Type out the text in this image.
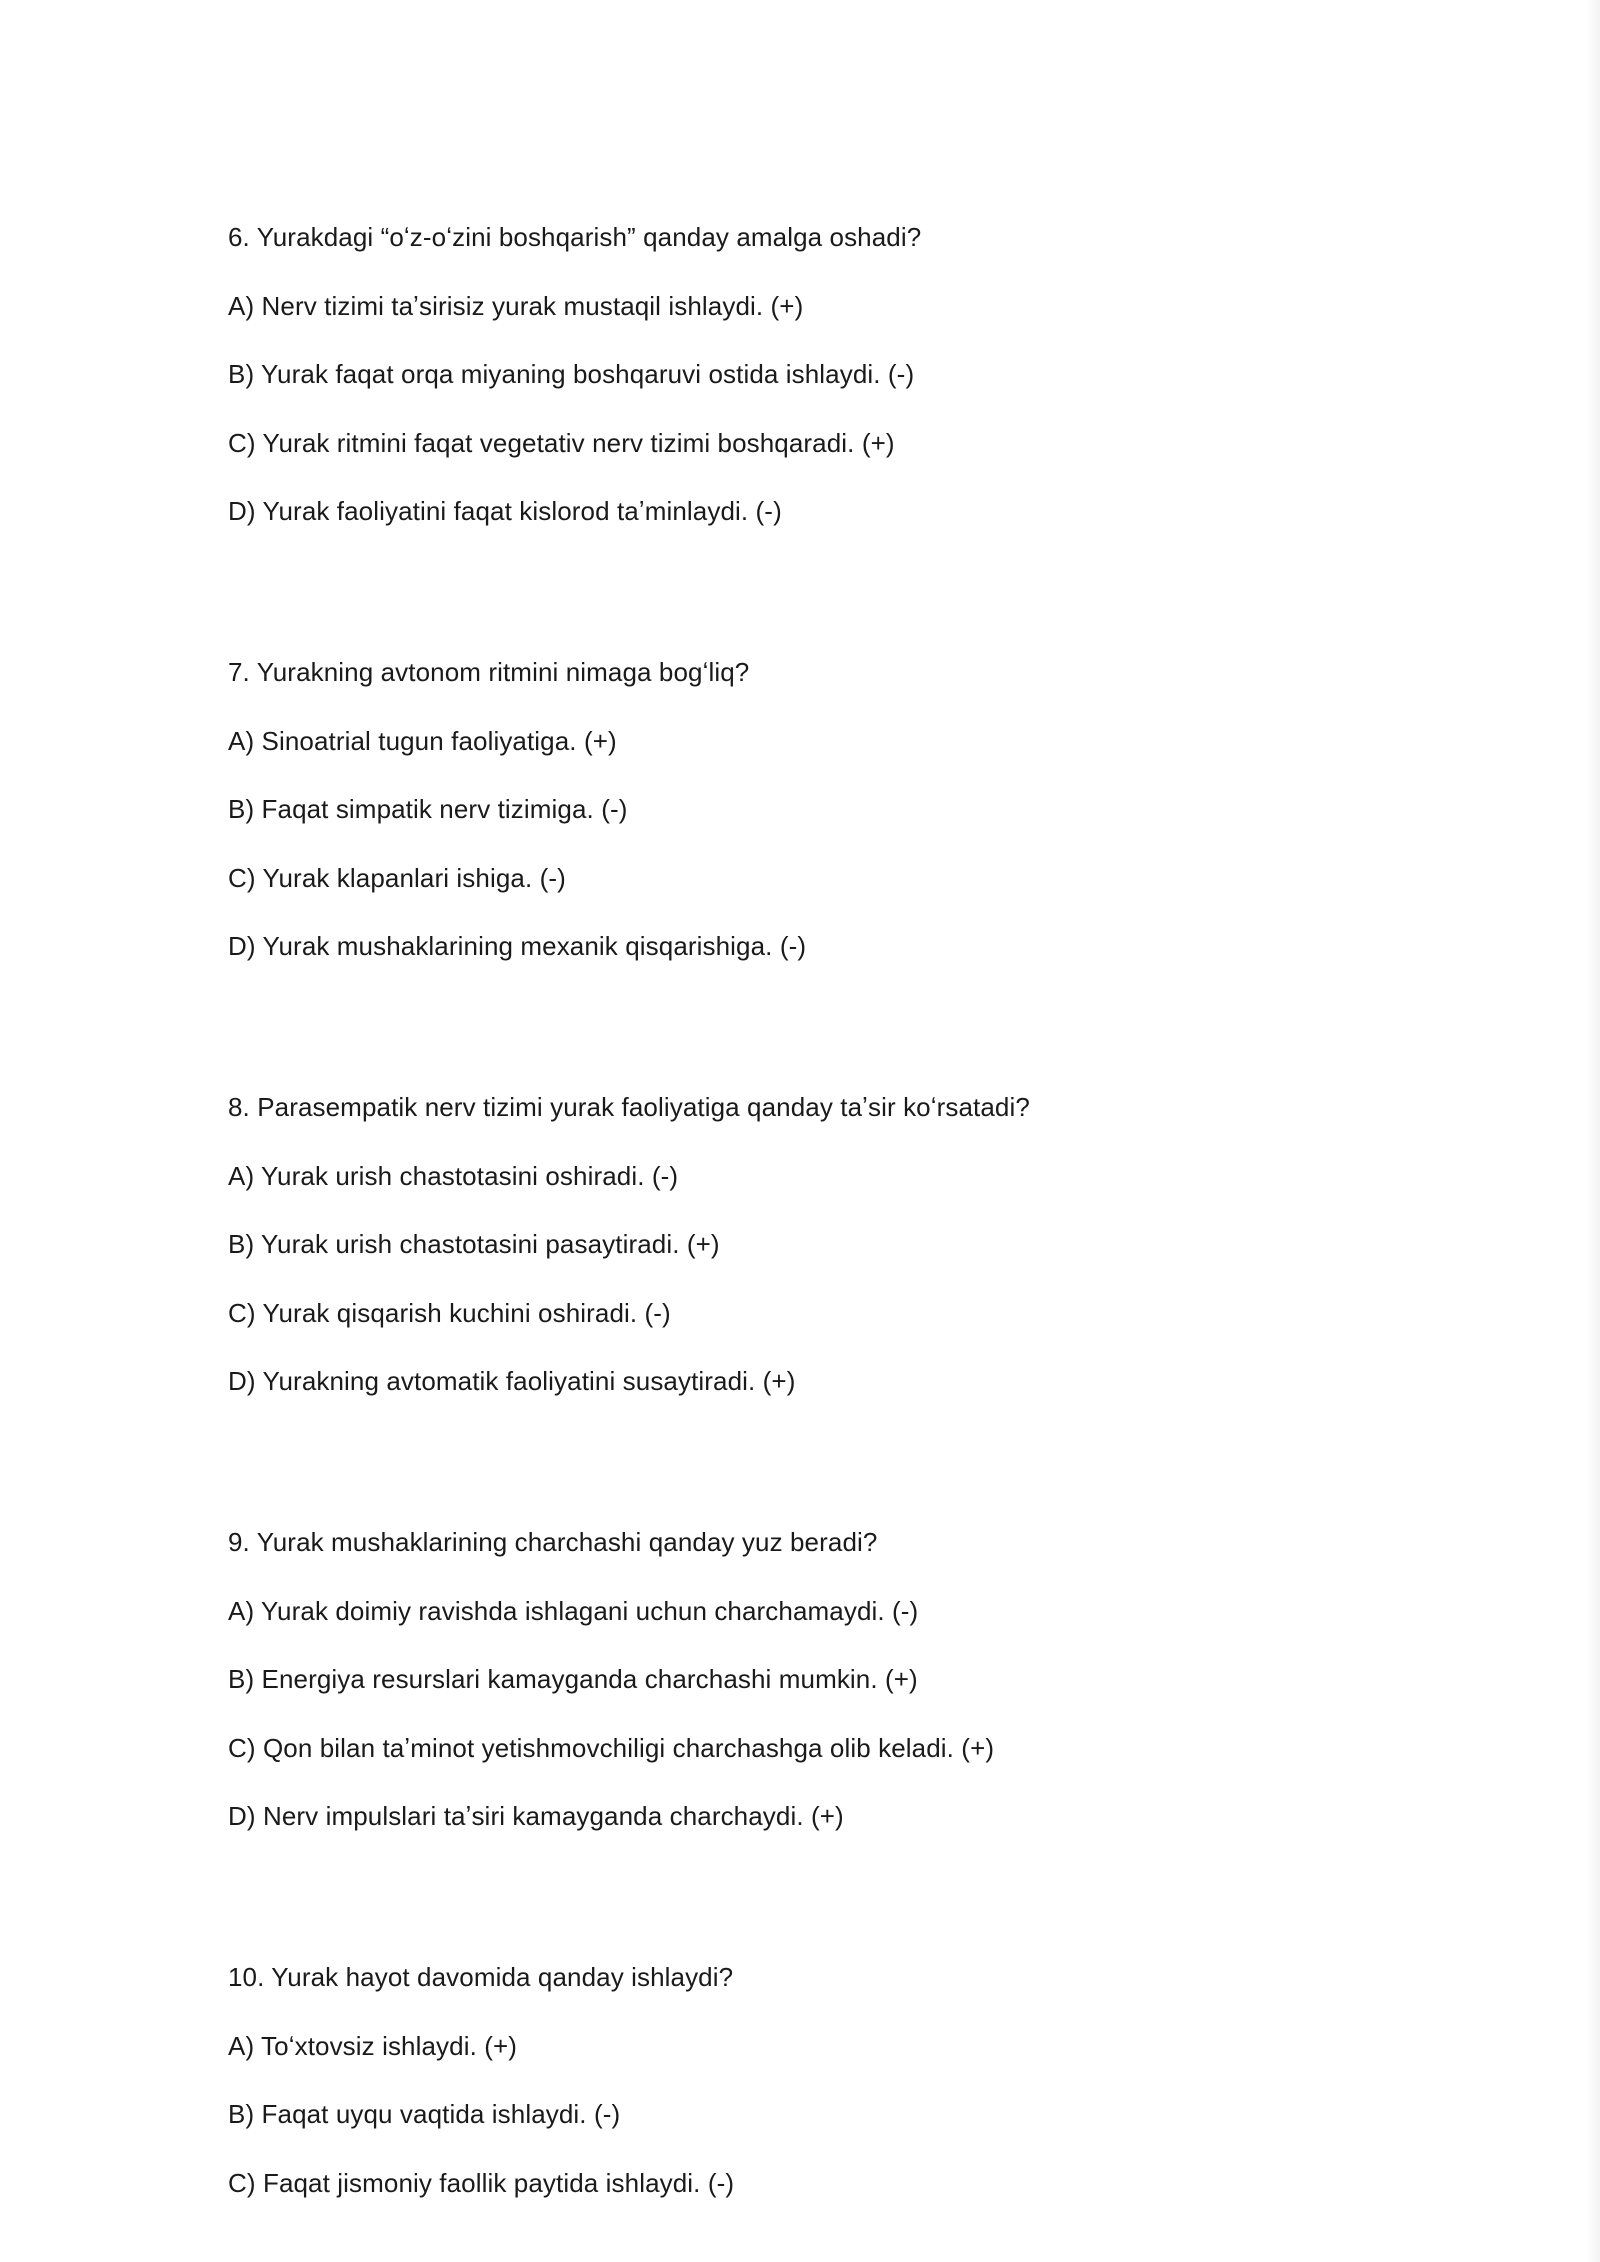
6. Yurakdagi “oʻz-oʻzini boshqarish” qanday amalga oshadi?
A) Nerv tizimi taʼsirisiz yurak mustaqil ishlaydi. (+)
B) Yurak faqat orqa miyaning boshqaruvi ostida ishlaydi. (-)
C) Yurak ritmini faqat vegetativ nerv tizimi boshqaradi. (+)
D) Yurak faoliyatini faqat kislorod taʼminlaydi. (-)
7. Yurakning avtonom ritmini nimaga bogʻliq?
A) Sinoatrial tugun faoliyatiga. (+)
B) Faqat simpatik nerv tizimiga. (-)
C) Yurak klapanlari ishiga. (-)
D) Yurak mushaklarining mexanik qisqarishiga. (-)
8. Parasempatik nerv tizimi yurak faoliyatiga qanday taʼsir koʻrsatadi?
A) Yurak urish chastotasini oshiradi. (-)
B) Yurak urish chastotasini pasaytiradi. (+)
C) Yurak qisqarish kuchini oshiradi. (-)
D) Yurakning avtomatik faoliyatini susaytiradi. (+)
9. Yurak mushaklarining charchashi qanday yuz beradi?
A) Yurak doimiy ravishda ishlagani uchun charchamaydi. (-)
B) Energiya resurslari kamayganda charchashi mumkin. (+)
C) Qon bilan taʼminot yetishmovchiligi charchashga olib keladi. (+)
D) Nerv impulslari taʼsiri kamayganda charchaydi. (+)
10. Yurak hayot davomida qanday ishlaydi?
A) Toʻxtovsiz ishlaydi. (+)
B) Faqat uyqu vaqtida ishlaydi. (-)
C) Faqat jismoniy faollik paytida ishlaydi. (-)
